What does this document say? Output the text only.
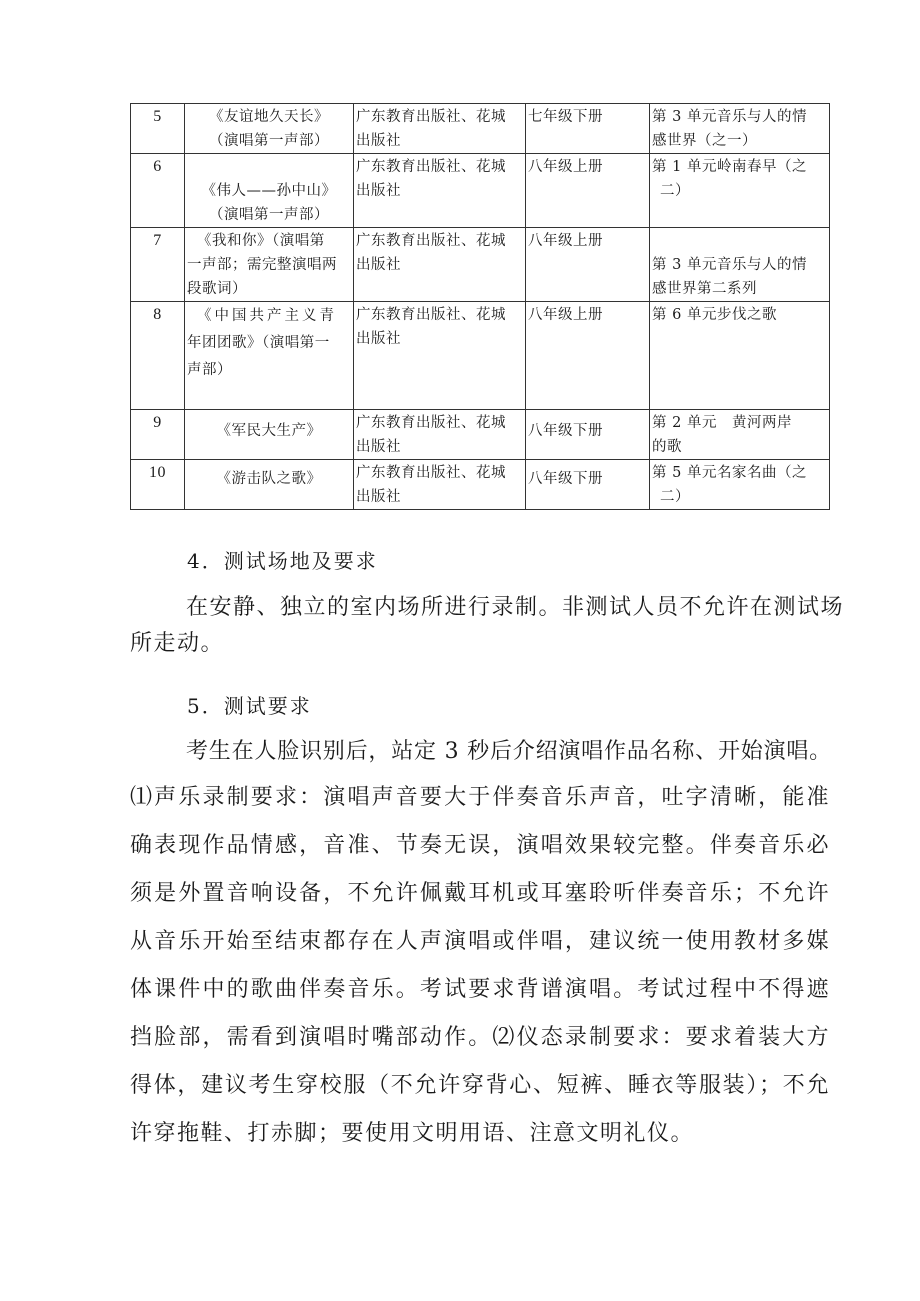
5	《友谊地久天长》
（演唱第一声部）	广东教育出版社、花城
出版社	七年级下册	第 3 单元音乐与人的情
感世界（之一）
6	《伟人——孙中山》
（演唱第一声部）	广东教育出版社、花城
出版社	八年级上册	第 1 单元岭南春早（之

二）

7	《我和你》（演唱第
一声部；需完整演唱两
段歌词）	广东教育出版社、花城
出版社	八年级上册	第 3 单元音乐与人的情
感世界第二系列
8	《中国共产主义青
年团团歌》（演唱第一
声部）	广东教育出版社、花城
出版社	八年级上册	第 6 单元步伐之歌
9	《军民大生产》	广东教育出版社、花城
出版社	八年级下册	第 2 单元　黄河两岸
的歌
10	《游击队之歌》	广东教育出版社、花城
出版社	八年级下册	第 5 单元名家名曲（之

二）
4．测试场地及要求

在安静、独立的室内场所进行录制。非测试人员不允许在测试场所走动。

5．测试要求

考生在人脸识别后，站定 3 秒后介绍演唱作品名称、开始演唱。

⑴声乐录制要求：演唱声音要大于伴奏音乐声音，吐字清晰，能准确表现作品情感，音准、节奏无误，演唱效果较完整。伴奏音乐必须是外置音响设备，不允许佩戴耳机或耳塞聆听伴奏音乐；不允许从音乐开始至结束都存在人声演唱或伴唱，建议统一使用教材多媒体课件中的歌曲伴奏音乐。考试要求背谱演唱。考试过程中不得遮挡脸部，需看到演唱时嘴部动作。⑵仪态录制要求：要求着装大方得体，建议考生穿校服（不允许穿背心、短裤、睡衣等服装）；不允许穿拖鞋、打赤脚；要使用文明用语、注意文明礼仪。
